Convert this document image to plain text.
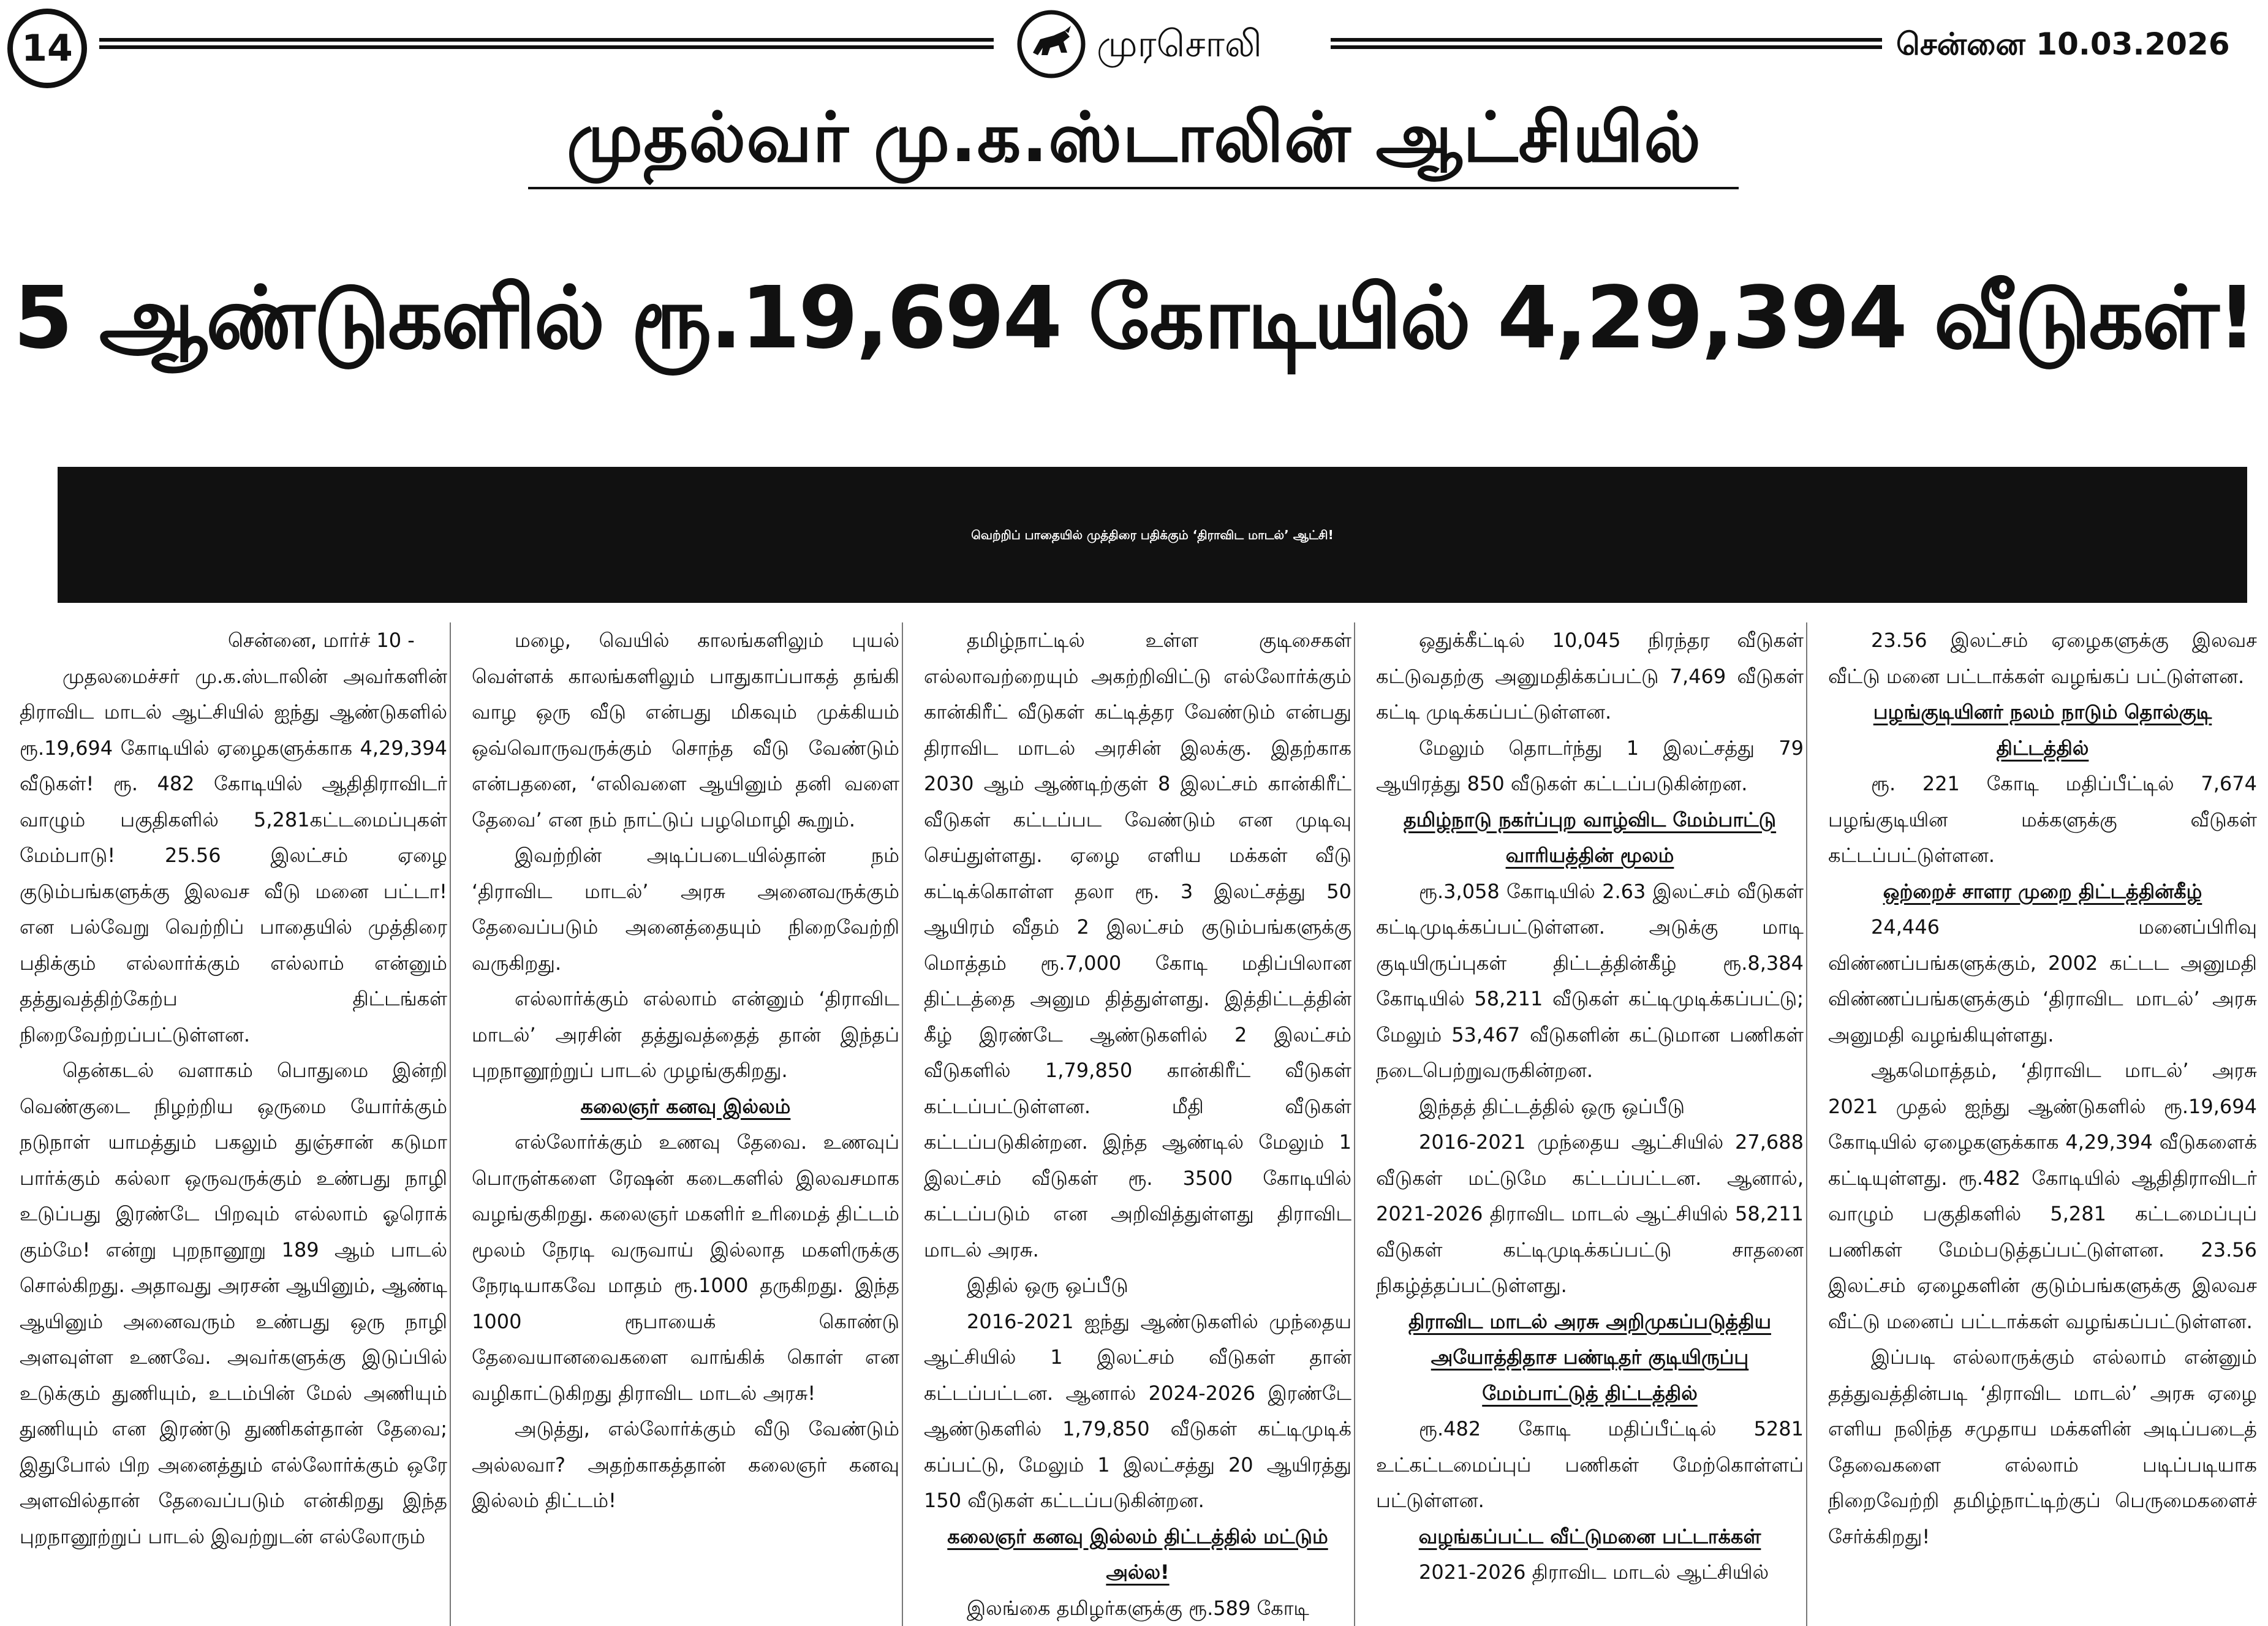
14	முரசொலி	சென்னை 10.03.2026
முதல்வர் மு.க.ஸ்டாலின் ஆட்சியில்
5 ஆண்டுகளில் ரூ.19,694 கோடியில் 4,29,394 வீடுகள்!
வெற்றிப் பாதையில் முத்திரை பதிக்கும் ‘திராவிட மாடல்’ ஆட்சி!

சென்னை, மார்ச் 10 -

முதலமைச்சர் மு.க.ஸ்டாலின் அவர்களின் திராவிட மாடல் ஆட்சியில் ஐந்து ஆண்டுகளில் ரூ.19,694 கோடியில் ஏழைகளுக்காக 4,29,394 வீடுகள்! ரூ. 482 கோடியில் ஆதிதிராவிடர் வாழும் பகுதிகளில் 5,281கட்டமைப்புகள் மேம்பாடு! 25.56 இலட்சம் ஏழை குடும்பங்களுக்கு இலவச வீடு மனை பட்டா! என பல்வேறு வெற்றிப் பாதையில் முத்திரை பதிக்கும் எல்லார்க்கும் எல்லாம் என்னும் தத்துவத்திற்கேற்ப திட்டங்கள் நிறைவேற்றப்பட்டுள்ளன.

தென்கடல் வளாகம் பொதுமை இன்றி வெண்குடை நிழற்றிய ஒருமை யோர்க்கும் நடுநாள் யாமத்தும் பகலும் துஞ்சான் கடுமா பார்க்கும் கல்லா ஒருவருக்கும் உண்பது நாழி உடுப்பது இரண்டே பிறவும் எல்லாம் ஓரொக் கும்மே! என்று புறநானூறு 189 ஆம் பாடல் சொல்கிறது. அதாவது அரசன் ஆயினும், ஆண்டி ஆயினும் அனைவரும் உண்பது ஒரு நாழி அளவுள்ள உணவே. அவர்களுக்கு இடுப்பில் உடுக்கும் துணியும், உடம்பின் மேல் அணியும் துணியும் என இரண்டு துணிகள்தான் தேவை; இதுபோல் பிற அனைத்தும் எல்லோர்க்கும் ஒரே அளவில்தான் தேவைப்படும் என்கிறது இந்த புறநானூற்றுப் பாடல் இவற்றுடன் எல்லோரும்

மழை, வெயில் காலங்களிலும் புயல் வெள்ளக் காலங்களிலும் பாதுகாப்பாகத் தங்கி வாழ ஒரு வீடு என்பது மிகவும் முக்கியம் ஒவ்வொருவருக்கும் சொந்த வீடு வேண்டும் என்பதனை, ‘எலிவளை ஆயினும் தனி வளை தேவை’ என நம் நாட்டுப் பழமொழி கூறும்.

இவற்றின் அடிப்படையில்தான் நம் ‘திராவிட மாடல்’ அரசு அனைவருக்கும் தேவைப்படும் அனைத்தையும் நிறைவேற்றி வருகிறது.

எல்லார்க்கும் எல்லாம் என்னும் ‘திராவிட மாடல்’ அரசின் தத்துவத்தைத் தான் இந்தப் புறநானூற்றுப் பாடல் முழங்குகிறது.

கலைஞர் கனவு இல்லம்

எல்லோர்க்கும் உணவு தேவை. உணவுப் பொருள்களை ரேஷன் கடைகளில் இலவசமாக வழங்குகிறது. கலைஞர் மகளிர் உரிமைத் திட்டம் மூலம் நேரடி வருவாய் இல்லாத மகளிருக்கு நேரடியாகவே மாதம் ரூ.1000 தருகிறது. இந்த 1000 ரூபாயைக் கொண்டு தேவையானவைகளை வாங்கிக் கொள் என வழிகாட்டுகிறது திராவிட மாடல் அரசு!

அடுத்து, எல்லோர்க்கும் வீடு வேண்டும் அல்லவா? அதற்காகத்தான் கலைஞர் கனவு இல்லம் திட்டம்!

தமிழ்நாட்டில் உள்ள குடிசைகள் எல்லாவற்றையும் அகற்றிவிட்டு எல்லோர்க்கும் கான்கிரீட் வீடுகள் கட்டித்தர வேண்டும் என்பது திராவிட மாடல் அரசின் இலக்கு. இதற்காக 2030 ஆம் ஆண்டிற்குள் 8 இலட்சம் கான்கிரீட் வீடுகள் கட்டப்பட வேண்டும் என முடிவு செய்துள்ளது. ஏழை எளிய மக்கள் வீடு கட்டிக்கொள்ள தலா ரூ. 3 இலட்சத்து 50 ஆயிரம் வீதம் 2 இலட்சம் குடும்பங்களுக்கு மொத்தம் ரூ.7,000 கோடி மதிப்பிலான திட்டத்தை அனும தித்துள்ளது. இத்திட்டத்தின் கீழ் இரண்டே ஆண்டுகளில் 2 இலட்சம் வீடுகளில் 1,79,850 கான்கிரீட் வீடுகள் கட்டப்பட்டுள்ளன. மீதி வீடுகள் கட்டப்படுகின்றன. இந்த ஆண்டில் மேலும் 1 இலட்சம் வீடுகள் ரூ. 3500 கோடியில் கட்டப்படும் என அறிவித்துள்ளது திராவிட மாடல் அரசு.

இதில் ஒரு ஒப்பீடு

2016-2021 ஐந்து ஆண்டுகளில் முந்தைய ஆட்சியில் 1 இலட்சம் வீடுகள் தான் கட்டப்பட்டன. ஆனால் 2024-2026 இரண்டே ஆண்டுகளில் 1,79,850 வீடுகள் கட்டிமுடிக் கப்பட்டு, மேலும் 1 இலட்சத்து 20 ஆயிரத்து 150 வீடுகள் கட்டப்படுகின்றன.

கலைஞர் கனவு இல்லம் திட்டத்தில் மட்டும் அல்ல!

இலங்கை தமிழர்களுக்கு ரூ.589 கோடி

ஒதுக்கீட்டில் 10,045 நிரந்தர வீடுகள் கட்டுவதற்கு அனுமதிக்கப்பட்டு 7,469 வீடுகள் கட்டி முடிக்கப்பட்டுள்ளன.

மேலும் தொடர்ந்து 1 இலட்சத்து 79 ஆயிரத்து 850 வீடுகள் கட்டப்படுகின்றன.

தமிழ்நாடு நகர்ப்புற வாழ்விட மேம்பாட்டு வாரியத்தின் மூலம்

ரூ.3,058 கோடியில் 2.63 இலட்சம் வீடுகள் கட்டிமுடிக்கப்பட்டுள்ளன. அடுக்கு மாடி குடியிருப்புகள் திட்டத்தின்கீழ் ரூ.8,384 கோடியில் 58,211 வீடுகள் கட்டிமுடிக்கப்பட்டு; மேலும் 53,467 வீடுகளின் கட்டுமான பணிகள் நடைபெற்றுவருகின்றன.

இந்தத் திட்டத்தில் ஒரு ஒப்பீடு

2016-2021 முந்தைய ஆட்சியில் 27,688 வீடுகள் மட்டுமே கட்டப்பட்டன. ஆனால், 2021-2026 திராவிட மாடல் ஆட்சியில் 58,211 வீடுகள் கட்டிமுடிக்கப்பட்டு சாதனை நிகழ்த்தப்பட்டுள்ளது.

திராவிட மாடல் அரசு அறிமுகப்படுத்திய அயோத்திதாச பண்டிதர் குடியிருப்பு மேம்பாட்டுத் திட்டத்தில்

ரூ.482 கோடி மதிப்பீட்டில் 5281 உட்கட்டமைப்புப் பணிகள் மேற்கொள்ளப் பட்டுள்ளன.

வழங்கப்பட்ட வீட்டுமனை பட்டாக்கள்

2021-2026 திராவிட மாடல் ஆட்சியில்

23.56 இலட்சம் ஏழைகளுக்கு இலவச வீட்டு மனை பட்டாக்கள் வழங்கப் பட்டுள்ளன.

பழங்குடியினர் நலம் நாடும் தொல்குடி திட்டத்தில்

ரூ. 221 கோடி மதிப்பீட்டில் 7,674 பழங்குடியின மக்களுக்கு வீடுகள் கட்டப்பட்டுள்ளன.

ஒற்றைச் சாளர முறை திட்டத்தின்கீழ்

24,446 மனைப்பிரிவு விண்ணப்பங்களுக்கும், 2002 கட்டட அனுமதி விண்ணப்பங்களுக்கும் ‘திராவிட மாடல்’ அரசு அனுமதி வழங்கியுள்ளது.

ஆகமொத்தம், ‘திராவிட மாடல்’ அரசு 2021 முதல் ஐந்து ஆண்டுகளில் ரூ.19,694 கோடியில் ஏழைகளுக்காக 4,29,394 வீடுகளைக் கட்டியுள்ளது. ரூ.482 கோடியில் ஆதிதிராவிடர் வாழும் பகுதிகளில் 5,281 கட்டமைப்புப் பணிகள் மேம்படுத்தப்பட்டுள்ளன. 23.56 இலட்சம் ஏழைகளின் குடும்பங்களுக்கு இலவச வீட்டு மனைப் பட்டாக்கள் வழங்கப்பட்டுள்ளன.

இப்படி எல்லாருக்கும் எல்லாம் என்னும் தத்துவத்தின்படி ‘திராவிட மாடல்’ அரசு ஏழை எளிய நலிந்த சமுதாய மக்களின் அடிப்படைத் தேவைகளை எல்லாம் படிப்படியாக நிறைவேற்றி தமிழ்நாட்டிற்குப் பெருமைகளைச் சேர்க்கிறது!
